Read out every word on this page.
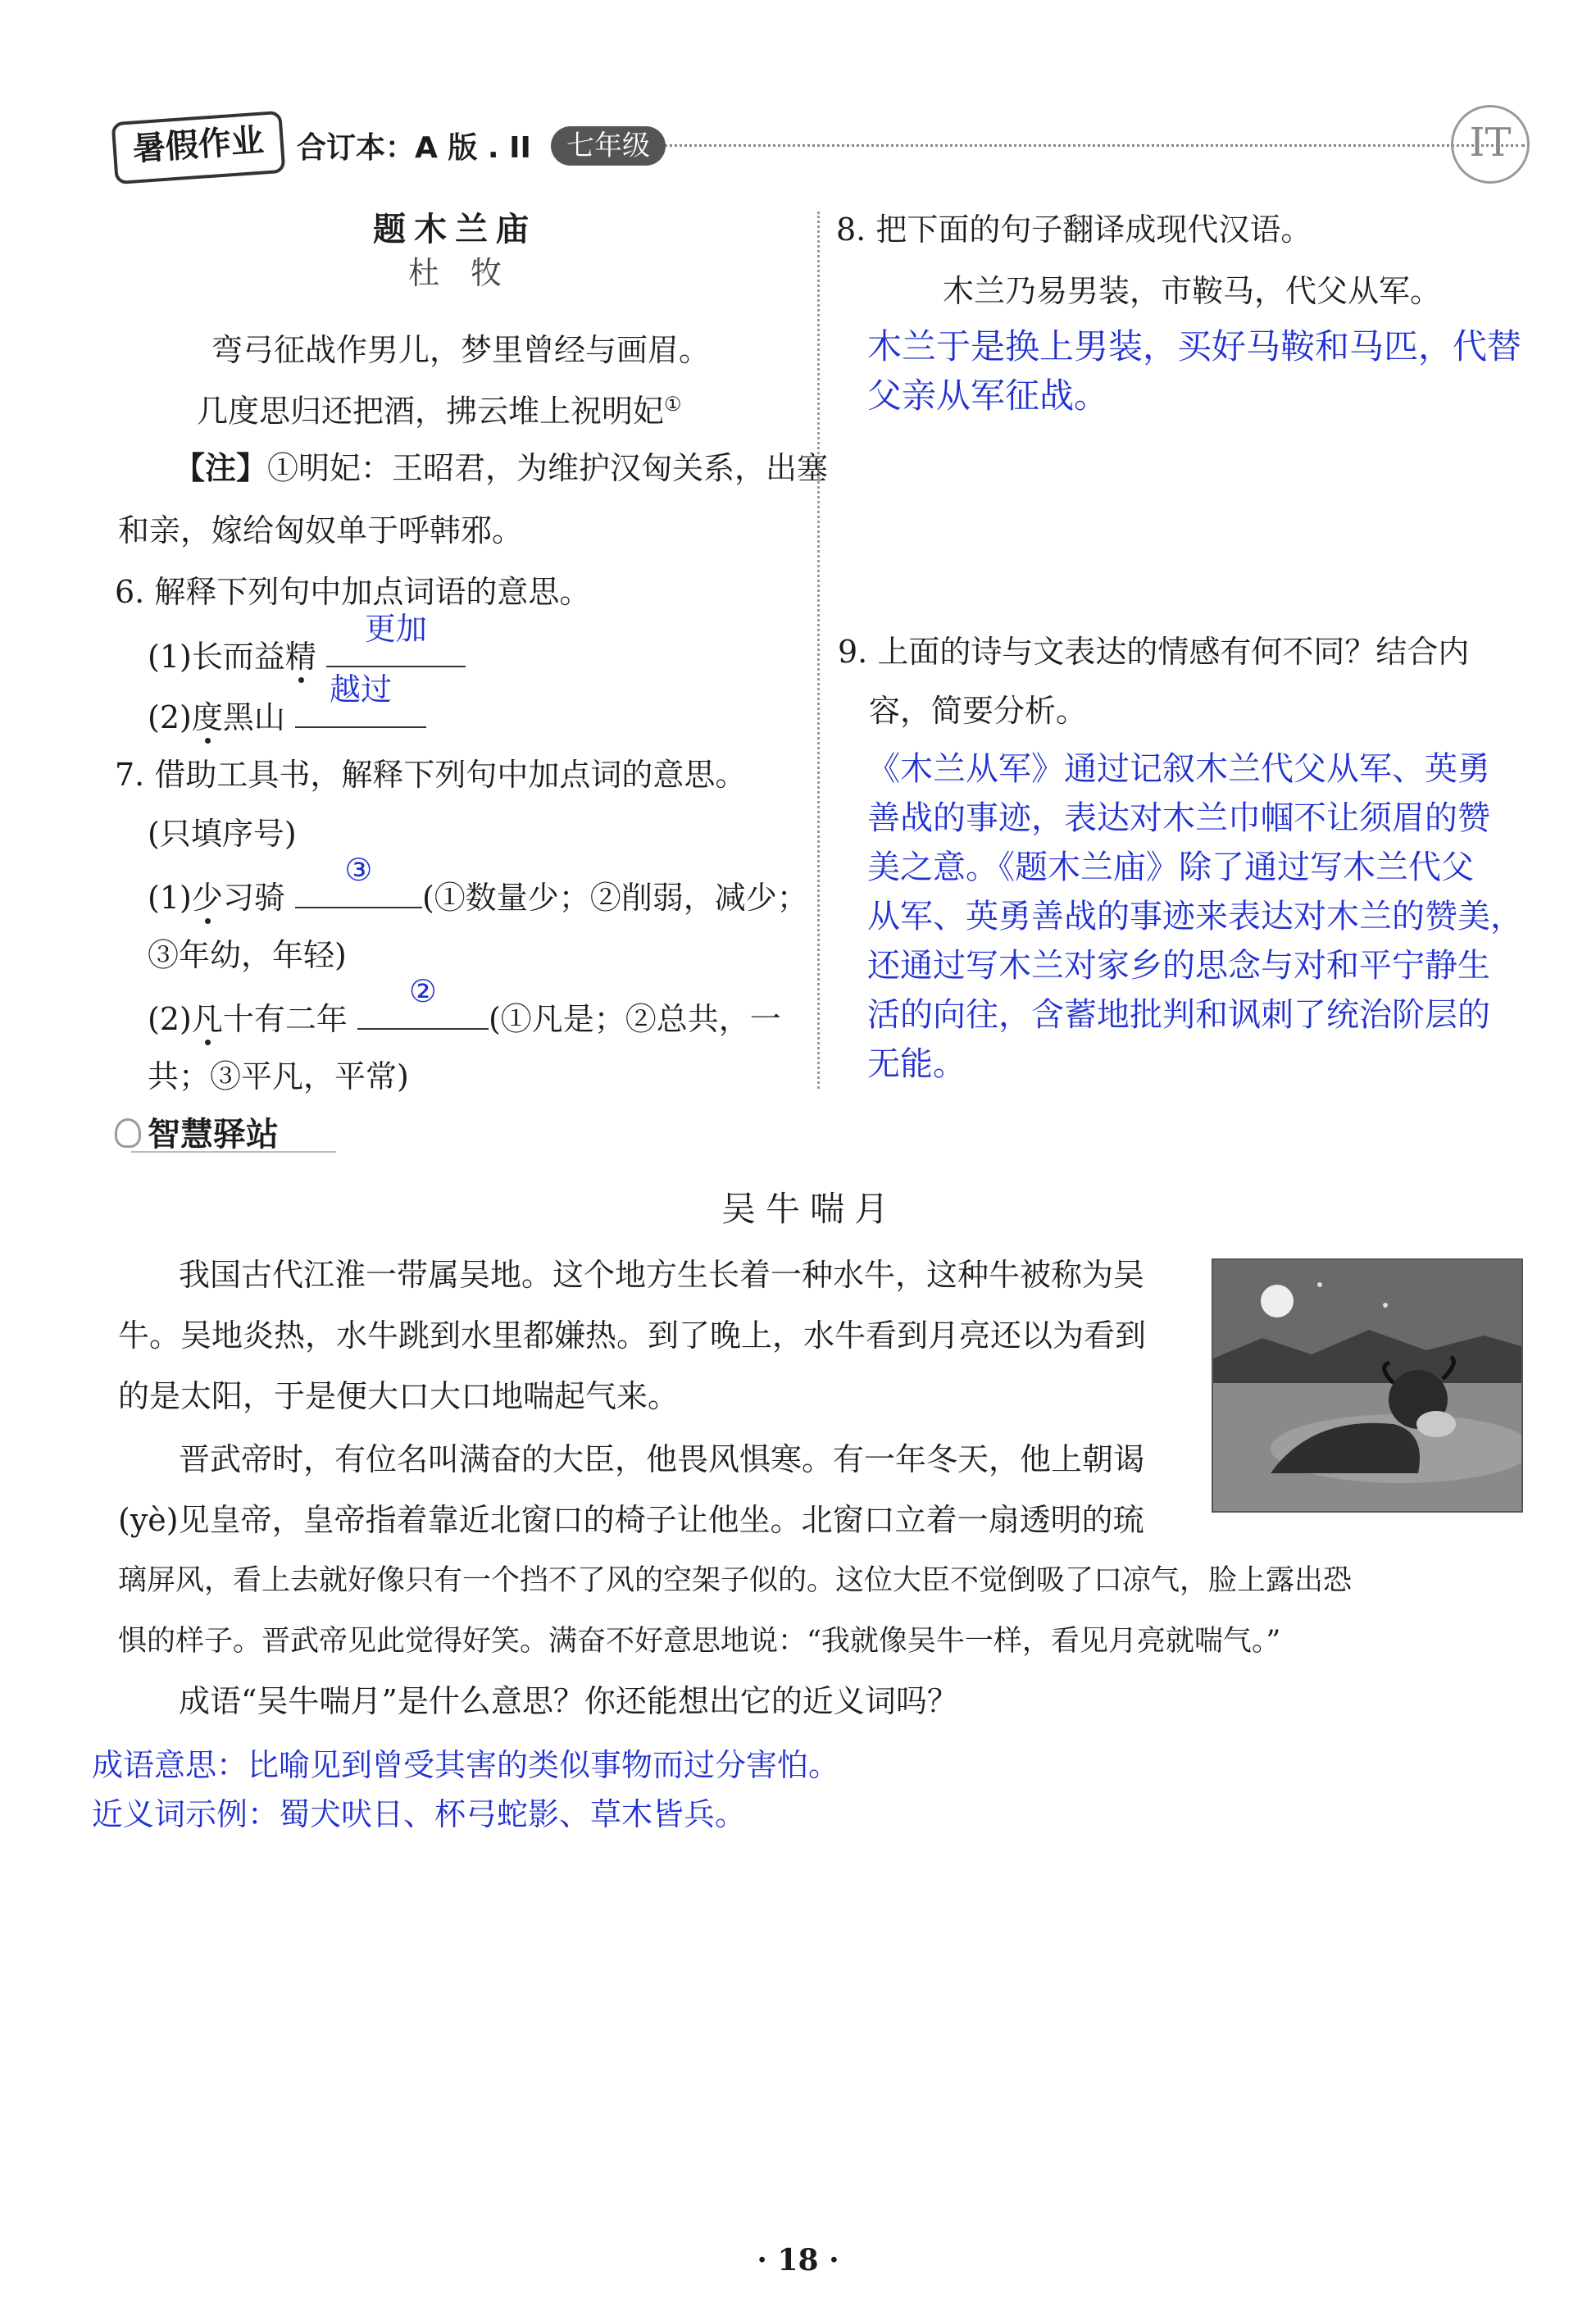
暑假作业	合订本：A 版 . II	七年级	IT
题木兰庙
杜　牧
弯弓征战作男儿，梦里曾经与画眉。
几度思归还把酒，拂云堆上祝明妃①
【注】①明妃：王昭君，为维护汉匈关系，出塞
和亲，嫁给匈奴单于呼韩邪。
6. 解释下列句中加点词语的意思。
(1)长而益精
更加
(2)度黑山
越过
7. 借助工具书，解释下列句中加点词的意思。
(只填序号)
(1)少习骑
③
(①数量少；②削弱，减少；
③年幼，年轻)
(2)凡十有二年
②
(①凡是；②总共，一
共；③平凡，平常)
8. 把下面的句子翻译成现代汉语。
木兰乃易男装，市鞍马，代父从军。
木兰于是换上男装，买好马鞍和马匹，代替
父亲从军征战。
9. 上面的诗与文表达的情感有何不同？结合内
容，简要分析。
《木兰从军》通过记叙木兰代父从军、英勇
善战的事迹，表达对木兰巾帼不让须眉的赞
美之意。《题木兰庙》除了通过写木兰代父
从军、英勇善战的事迹来表达对木兰的赞美，
还通过写木兰对家乡的思念与对和平宁静生
活的向往，含蓄地批判和讽刺了统治阶层的
无能。
智慧驿站
吴牛喘月
我国古代江淮一带属吴地。这个地方生长着一种水牛，这种牛被称为吴
牛。吴地炎热，水牛跳到水里都嫌热。到了晚上，水牛看到月亮还以为看到
的是太阳，于是便大口大口地喘起气来。
晋武帝时，有位名叫满奋的大臣，他畏风惧寒。有一年冬天，他上朝谒
(yè)见皇帝，皇帝指着靠近北窗口的椅子让他坐。北窗口立着一扇透明的琉
璃屏风，看上去就好像只有一个挡不了风的空架子似的。这位大臣不觉倒吸了口凉气，脸上露出恐
惧的样子。晋武帝见此觉得好笑。满奋不好意思地说：“我就像吴牛一样，看见月亮就喘气。”
成语“吴牛喘月”是什么意思？你还能想出它的近义词吗？
成语意思：比喻见到曾受其害的类似事物而过分害怕。
近义词示例：蜀犬吠日、杯弓蛇影、草木皆兵。
· 18 ·
